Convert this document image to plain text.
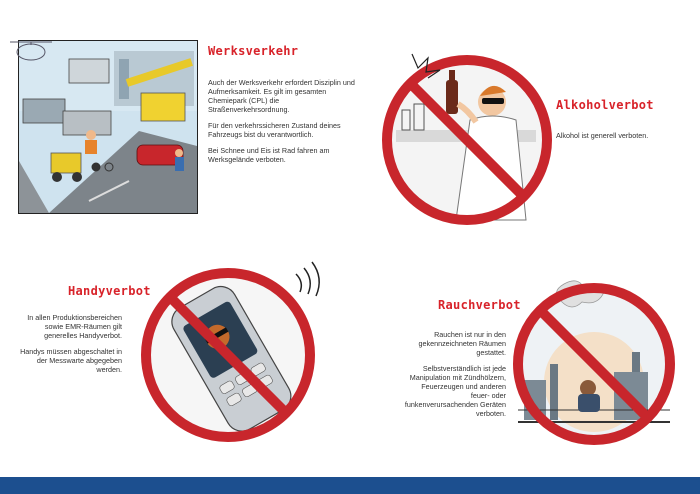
Werksverkehr

Auch der Werksverkehr erfordert Disziplin und Aufmerksamkeit. Es gilt im gesamten Chemiepark (CPL) die Straßenverkehrsordnung.

Für den verkehrssicheren Zustand deines Fahrzeugs bist du verantwortlich.

Bei Schnee und Eis ist Rad fahren am Werksgelände verboten.

Alkoholverbot

Alkohol ist generell verboten.

Handyverbot

In allen Produktionsbereichen sowie EMR-Räumen gilt generelles Handyverbot.

Handys müssen abgeschaltet in der Messwarte abgegeben werden.

Rauchverbot

Rauchen ist nur in den gekennzeichneten Räumen gestattet.

Selbstverständlich ist jede Manipulation mit Zündhölzern, Feuerzeugen und anderen feuer- oder funkenverursachenden Geräten verboten.
